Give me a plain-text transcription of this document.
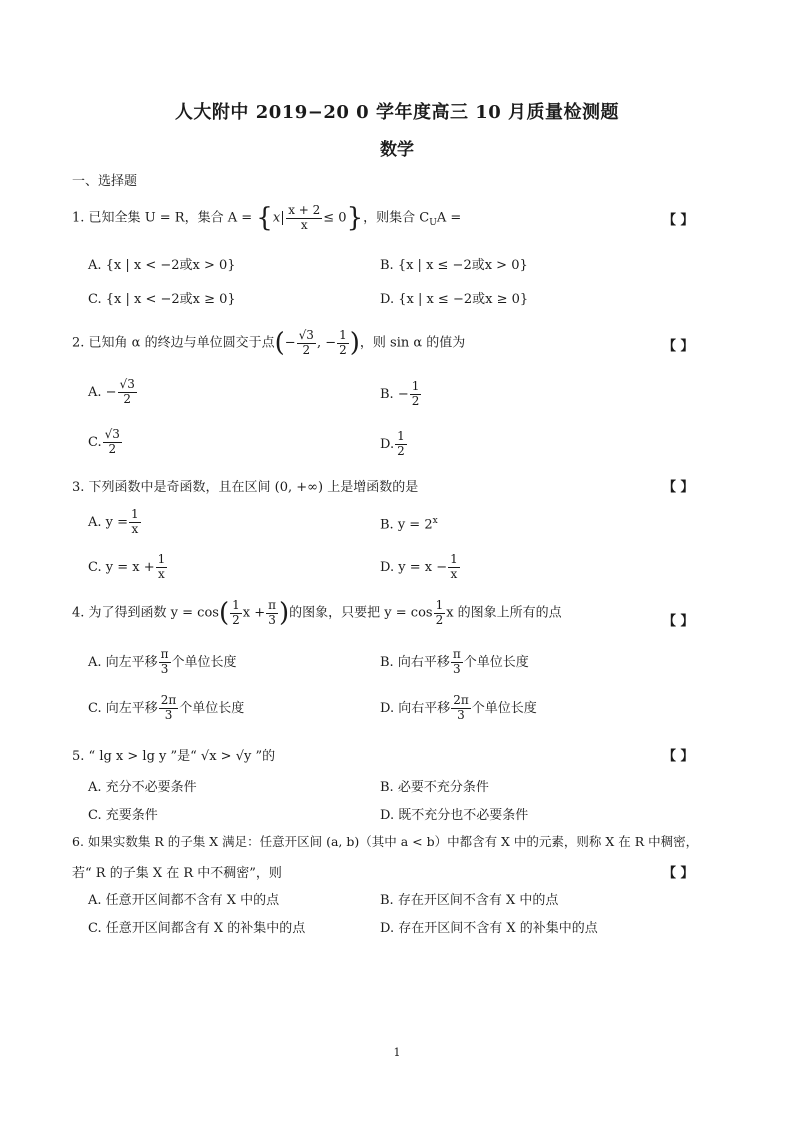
人大附中 2019−20 0 学年度高三 10 月质量检测题
数学
一、选择题
1. 已知全集 U = R，集合 $A = \{x \frac{x + 2}{x} \le 0\}$，则集合 $C_UA$ =	【 】
A. {x | x < −2或x > 0}	B. {x | x ≤ −2或x > 0}
C. {x | x < −2或x ≥ 0}	D. {x | x ≤ −2或x ≥ 0}
2. 已知角 α 的终边与单位圆交于点(− $\frac{√3}{2}$ , − $\frac{1}{2}$ )，则 sin α 的值为	【 】
A. − $\frac{√3}{2}$	B. − $\frac{1}{2}$
C. $\frac{√3}{2}$	D. $\frac{1}{2}$
3. 下列函数中是奇函数，且在区间 (0, +∞) 上是增函数的是	【 】
A. $y = \frac{1}{x}$	B. $y = 2^x$
C. $y = x + \frac{1}{x}$	D. $y = x - \frac{1}{x}$
4. 为了得到函数 $y = \cos( \frac{1}{2}$ $x + \frac{\pi}{3}$ )的图象，只要把 $y = \cos \frac{1}{2}$ x 的图象上所有的点
【 】
A. 向左平移 $\frac{\pi}{3}$ 个单位长度	B. 向右平移 $\frac{\pi}{3}$ 个单位长度
C. 向左平移 $\frac{2\pi}{3}$ 个单位长度	D. 向右平移 $\frac{2\pi}{3}$ 个单位长度
5. “ lg x > lg y ”是“ √x > √y ”的	【 】
A. 充分不必要条件	B. 必要不充分条件
C. 充要条件	D. 既不充分也不必要条件
6. 如果实数集 R 的子集 X 满足：任意开区间 (a, b)（其中 a < b）中都含有 X 中的元素，则称 X 在 R 中稠密，
若“ R 的子集 X 在 R 中不稠密”，则	【 】
A. 任意开区间都不含有 X 中的点	B. 存在开区间不含有 X 中的点
C. 任意开区间都含有 X 的补集中的点	D. 存在开区间不含有 X 的补集中的点
1
